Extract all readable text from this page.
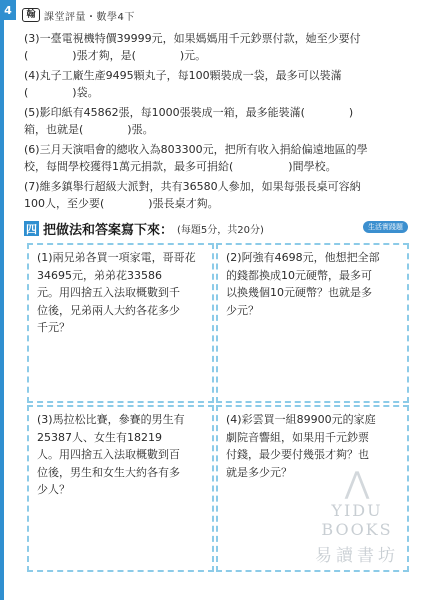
4	翰 課堂評量・數學4下
(3)一臺電視機特價39999元，如果媽媽用千元鈔票付款，她至少要付
(　　　　)張才夠，是(　　　　)元。
(4)丸子工廠生產9495顆丸子，每100顆裝成一袋，最多可以裝滿
(　　　　)袋。
(5)影印紙有45862張，每1000張裝成一箱，最多能裝滿(　　　　)
箱，也就是(　　　　)張。
(6)三月天演唱會的總收入為803300元，把所有收入捐給偏遠地區的學
校，每間學校獲得1萬元捐款，最多可捐給(　　　　　)間學校。
(7)維多鎮舉行超級大派對，共有36580人參加，如果每張長桌可容納
100人，至少要(　　　　)張長桌才夠。
四 把做法和答案寫下來： (每題5分，共20分)	生活實踐題
(1)兩兄弟各買一項家電，哥哥花
34695元，弟弟花33586
元。用四捨五入法取概數到千
位後，兄弟兩人大約各花多少
千元？
(2)阿強有4698元，他想把全部
的錢都換成10元硬幣，最多可
以換幾個10元硬幣？也就是多
少元？
(3)馬拉松比賽，參賽的男生有
25387人、女生有18219
人。用四捨五入法取概數到百
位後，男生和女生大約各有多
少人？
(4)彩雲買一組89900元的家庭
劇院音響組，如果用千元鈔票
付錢，最少要付幾張才夠？也
就是多少元？	⋀
YIDU BOOKS
易讀書坊
